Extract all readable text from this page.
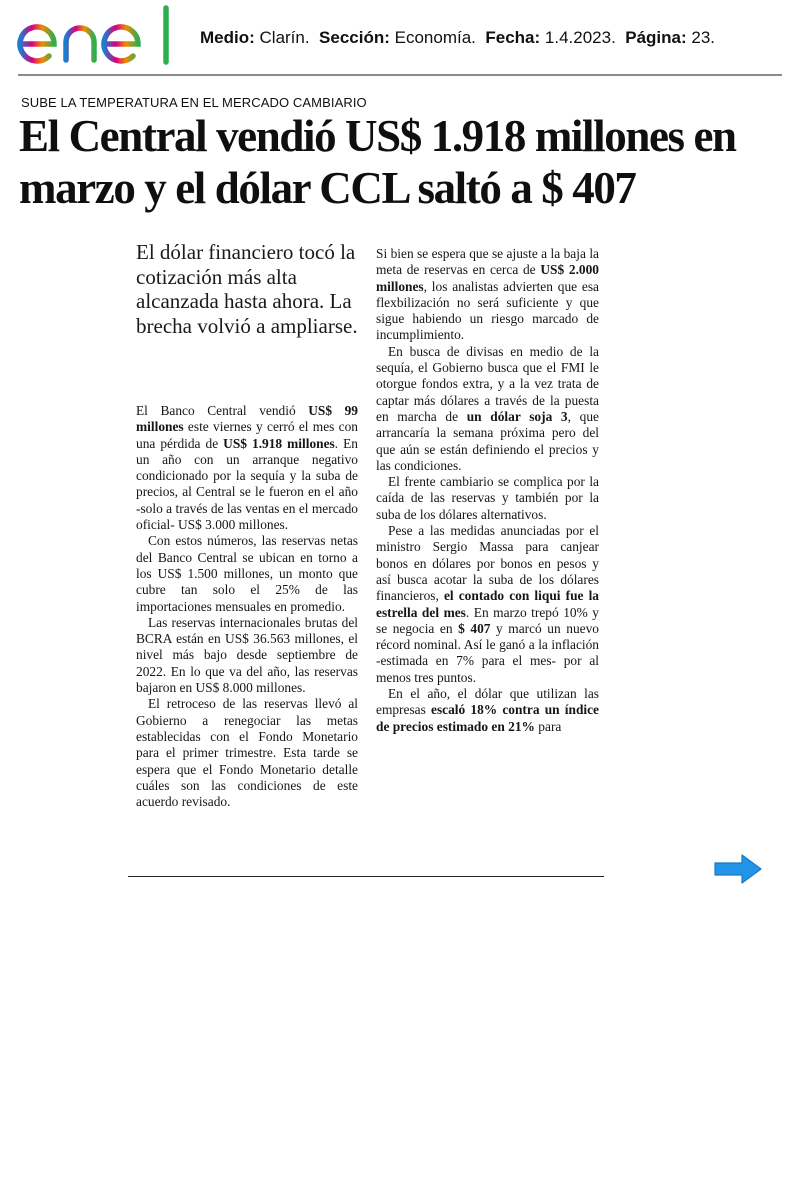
Medio: Clarín. Sección: Economía. Fecha: 1.4.2023. Página: 23.
SUBE LA TEMPERATURA EN EL MERCADO CAMBIARIO
El Central vendió US$ 1.918 millones en marzo y el dólar CCL saltó a $ 407
El dólar financiero tocó la cotización más alta alcanzada hasta ahora. La brecha volvió a ampliarse.

El Banco Central vendió US$ 99 millones este viernes y cerró el mes con una pérdida de US$ 1.918 millones. En un año con un arranque negativo condicionado por la sequía y la suba de precios, al Central se le fueron en el año -solo a través de las ventas en el mercado oficial- US$ 3.000 millones.

Con estos números, las reservas netas del Banco Central se ubican en torno a los US$ 1.500 millones, un monto que cubre tan solo el 25% de las importaciones mensuales en promedio.

Las reservas internacionales brutas del BCRA están en US$ 36.563 millones, el nivel más bajo desde septiembre de 2022. En lo que va del año, las reservas bajaron en US$ 8.000 millones.

El retroceso de las reservas llevó al Gobierno a renegociar las metas establecidas con el Fondo Monetario para el primer trimestre. Esta tarde se espera que el Fondo Monetario detalle cuáles son las condiciones de este acuerdo revisado.

Si bien se espera que se ajuste a la baja la meta de reservas en cerca de US$ 2.000 millones, los analistas advierten que esa flexbilización no será suficiente y que sigue habiendo un riesgo marcado de incumplimiento.

En busca de divisas en medio de la sequía, el Gobierno busca que el FMI le otorgue fondos extra, y a la vez trata de captar más dólares a través de la puesta en marcha de un dólar soja 3, que arrancaría la semana próxima pero del que aún se están definiendo el precios y las condiciones.

El frente cambiario se complica por la caída de las reservas y también por la suba de los dólares alternativos.

Pese a las medidas anunciadas por el ministro Sergio Massa para canjear bonos en dólares por bonos en pesos y así busca acotar la suba de los dólares financieros, el contado con liqui fue la estrella del mes. En marzo trepó 10% y se negocia en $ 407 y marcó un nuevo récord nominal. Así le ganó a la inflación -estimada en 7% para el mes- por al menos tres puntos.

En el año, el dólar que utilizan las empresas escaló 18% contra un índice de precios estimado en 21% para
